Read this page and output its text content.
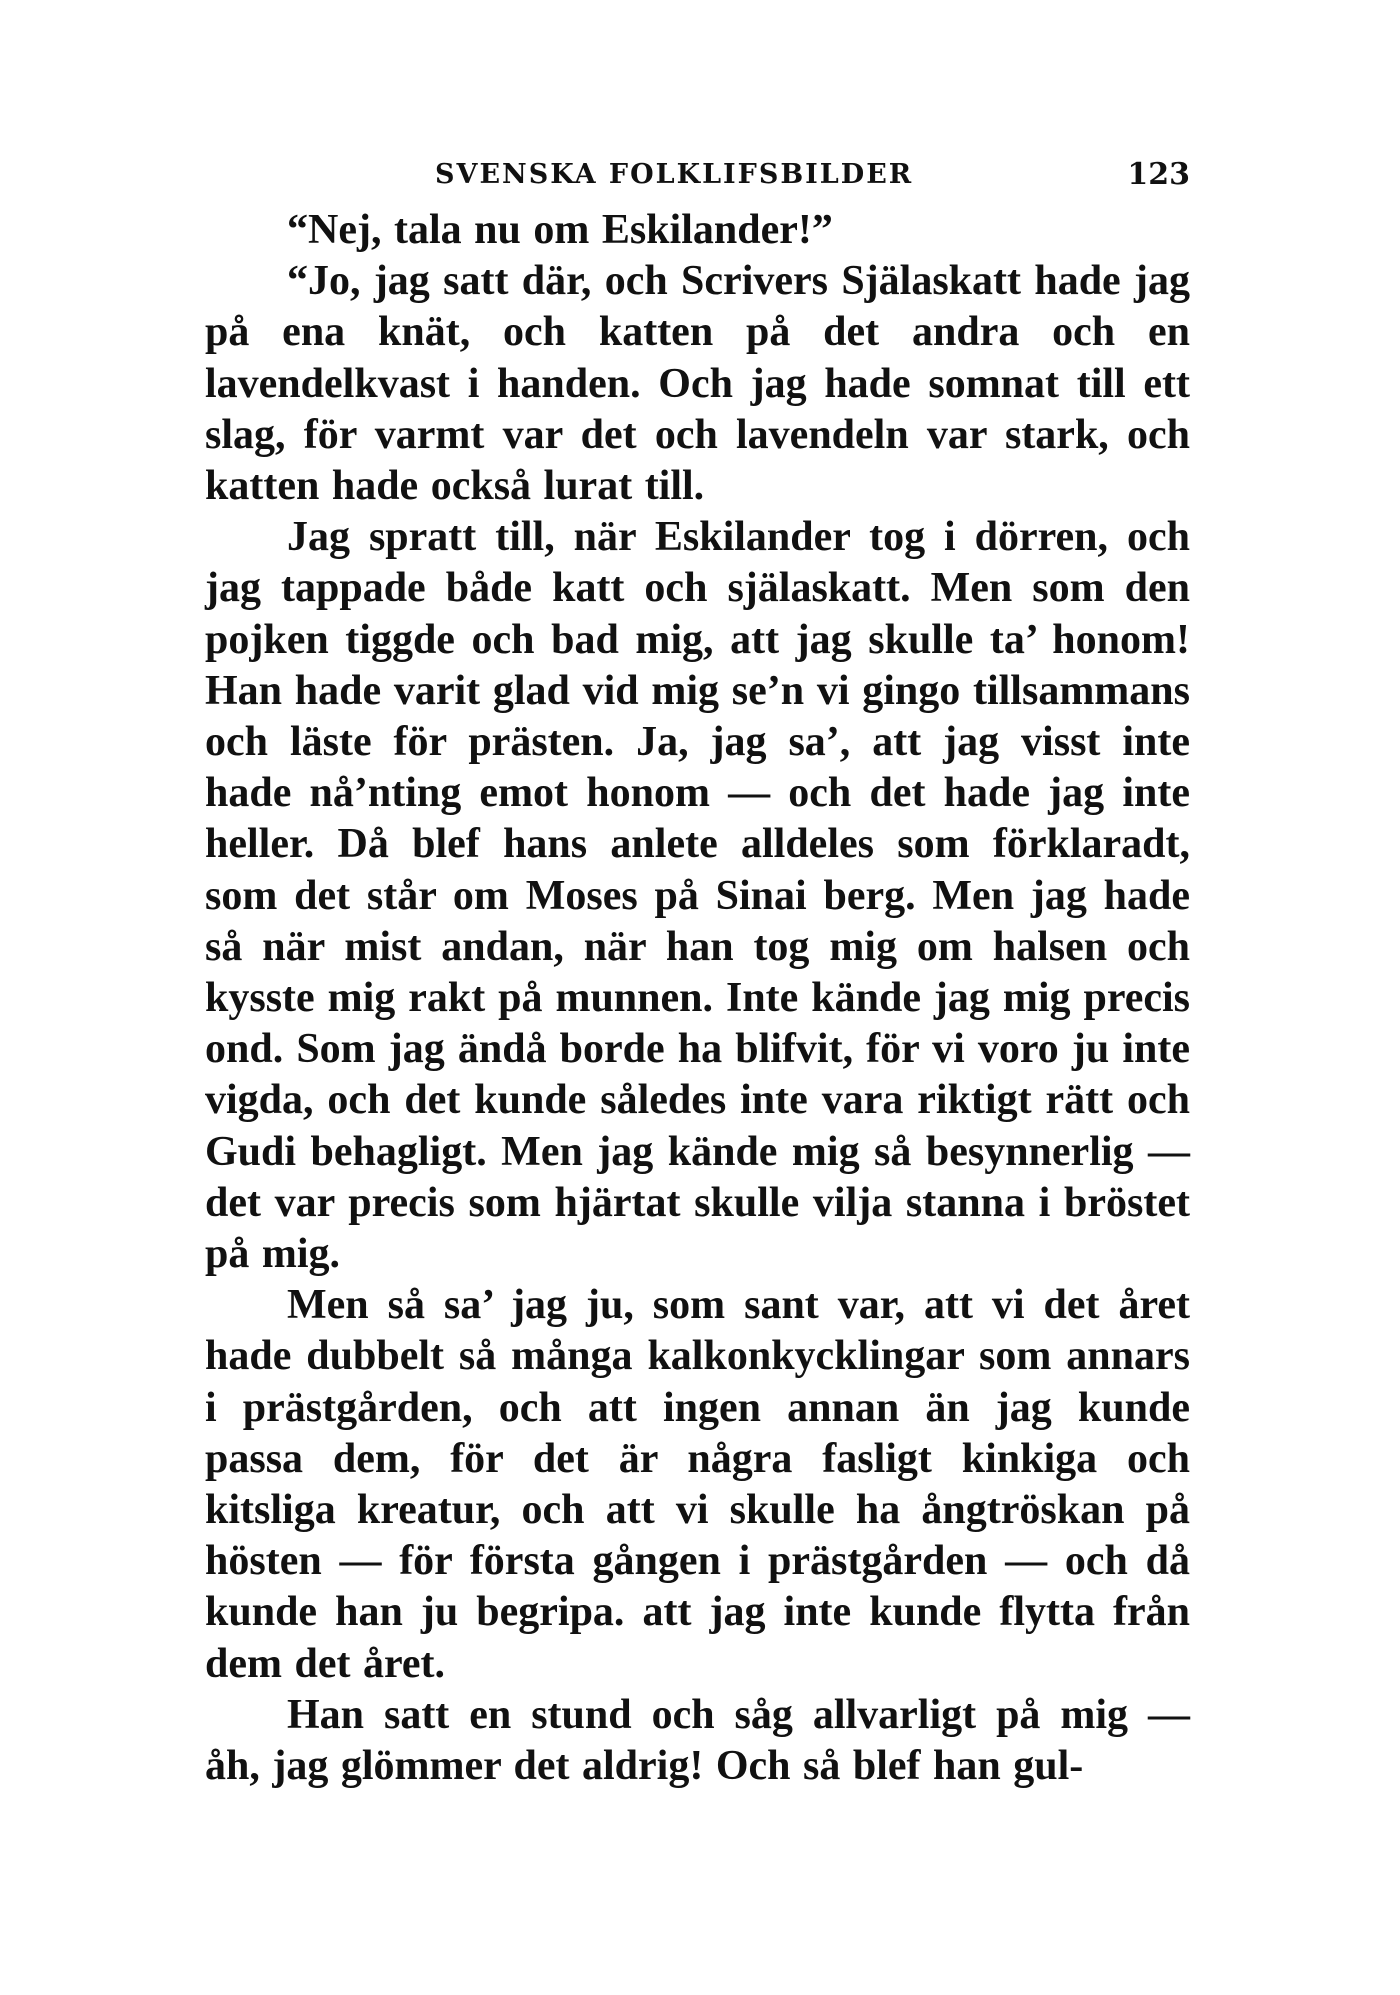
SVENSKA FOLKLIFSBILDER	123

“Nej, tala nu om Eskilander!”

“Jo, jag satt där, och Scrivers Själaskatt hade jag på ena knät, och katten på det andra och en lavendelkvast i handen. Och jag hade somnat till ett slag, för varmt var det och lavendeln var stark, och katten hade också lurat till.

Jag spratt till, när Eskilander tog i dörren, och jag tappade både katt och själaskatt. Men som den pojken tiggde och bad mig, att jag skulle ta’ honom! Han hade varit glad vid mig se’n vi gingo tillsammans och läste för prästen. Ja, jag sa’, att jag visst inte hade nå’nting emot honom — och det hade jag inte heller. Då blef hans anlete alldeles som förklaradt, som det står om Moses på Sinai berg. Men jag hade så när mist andan, när han tog mig om halsen och kysste mig rakt på munnen. Inte kände jag mig precis ond. Som jag ändå borde ha blifvit, för vi voro ju inte vigda, och det kunde således inte vara riktigt rätt och Gudi behagligt. Men jag kände mig så besynnerlig — det var precis som hjärtat skulle vilja stanna i bröstet på mig.

Men så sa’ jag ju, som sant var, att vi det året hade dubbelt så många kalkonkycklingar som annars i prästgården, och att ingen annan än jag kunde passa dem, för det är några fasligt kinkiga och kitsliga kreatur, och att vi skulle ha ångtröskan på hösten — för första gången i prästgården — och då kunde han ju begripa. att jag inte kunde flytta från dem det året.

Han satt en stund och såg allvarligt på mig — åh, jag glömmer det aldrig! Och så blef han gul-
